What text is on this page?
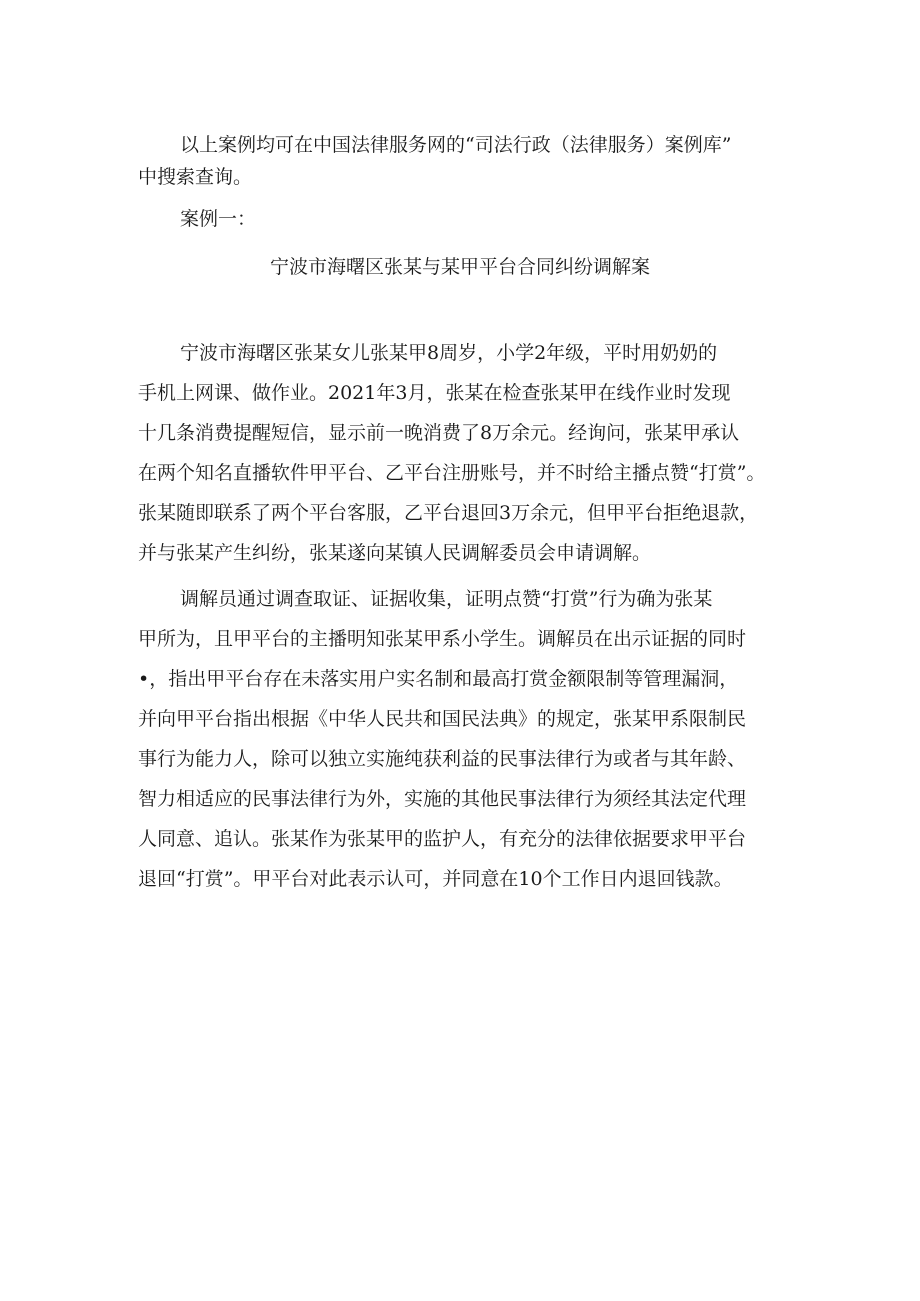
以上案例均可在中国法律服务网的“司法行政（法律服务）案例库”
中搜索查询。

案例一：

宁波市海曙区张某与某甲平台合同纠纷调解案
宁波市海曙区张某女儿张某甲8周岁，小学2年级，平时用奶奶的
手机上网课、做作业。2021年3月，张某在检查张某甲在线作业时发现
十几条消费提醒短信，显示前一晚消费了8万余元。经询问，张某甲承认
在两个知名直播软件甲平台、乙平台注册账号，并不时给主播点赞“打赏”。
张某随即联系了两个平台客服，乙平台退回3万余元，但甲平台拒绝退款，
并与张某产生纠纷，张某遂向某镇人民调解委员会申请调解。
调解员通过调查取证、证据收集，证明点赞“打赏”行为确为张某
甲所为，且甲平台的主播明知张某甲系小学生。调解员在出示证据的同时
•，指出甲平台存在未落实用户实名制和最高打赏金额限制等管理漏洞，
并向甲平台指出根据《中华人民共和国民法典》的规定，张某甲系限制民
事行为能力人，除可以独立实施纯获利益的民事法律行为或者与其年龄、
智力相适应的民事法律行为外，实施的其他民事法律行为须经其法定代理
人同意、追认。张某作为张某甲的监护人，有充分的法律依据要求甲平台
退回“打赏”。甲平台对此表示认可，并同意在10个工作日内退回钱款。
